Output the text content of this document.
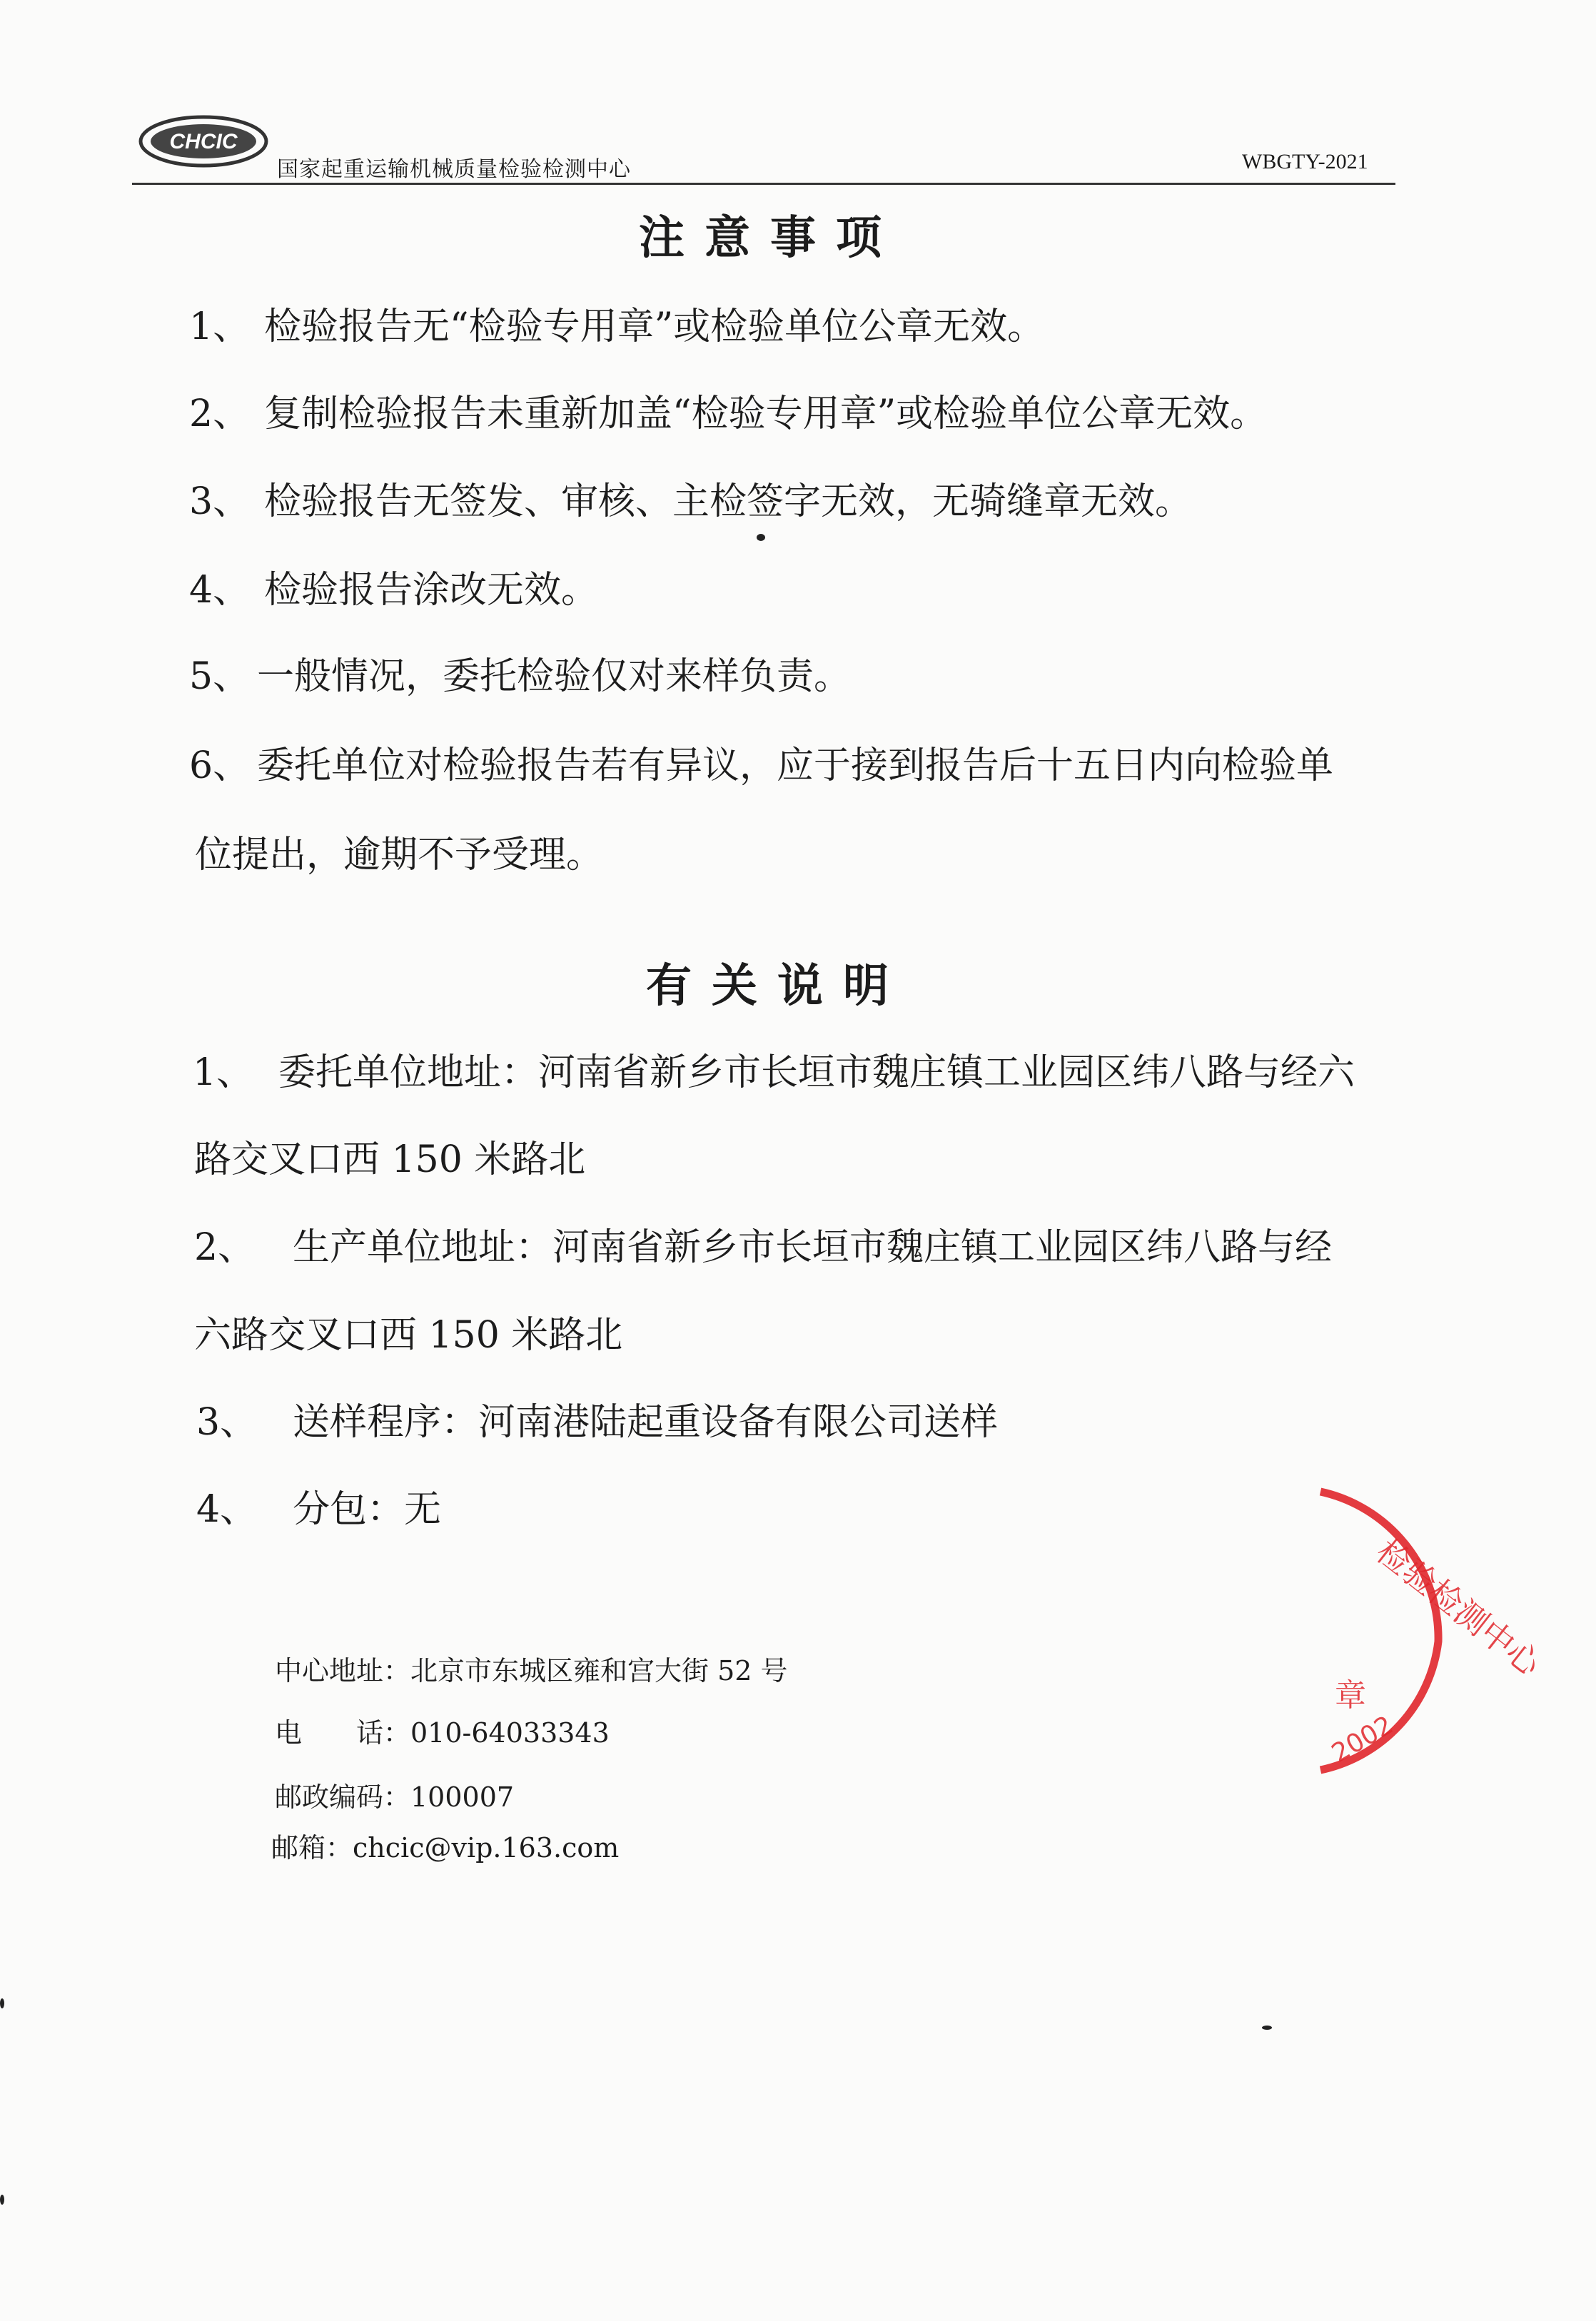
CHCIC
国家起重运输机械质量检验检测中心	WBGTY-2021
注意事项
1、 检验报告无“检验专用章”或检验单位公章无效。
2、 复制检验报告未重新加盖“检验专用章”或检验单位公章无效。
3、 检验报告无签发、审核、主检签字无效，无骑缝章无效。
4、 检验报告涂改无效。
5、 一般情况，委托检验仅对来样负责。
6、 委托单位对检验报告若有异议，应于接到报告后十五日内向检验单
位提出，逾期不予受理。
有关说明
1、 委托单位地址：河南省新乡市长垣市魏庄镇工业园区纬八路与经六
路交叉口西 150 米路北
2、 生产单位地址：河南省新乡市长垣市魏庄镇工业园区纬八路与经
六路交叉口西 150 米路北
3、 送样程序：河南港陆起重设备有限公司送样
4、 分包：无
中心地址：北京市东城区雍和宫大街 52 号
电　　话：010-64033343
邮政编码：100007
邮箱：chcic@vip.163.com
检验检测中心
章
2002
